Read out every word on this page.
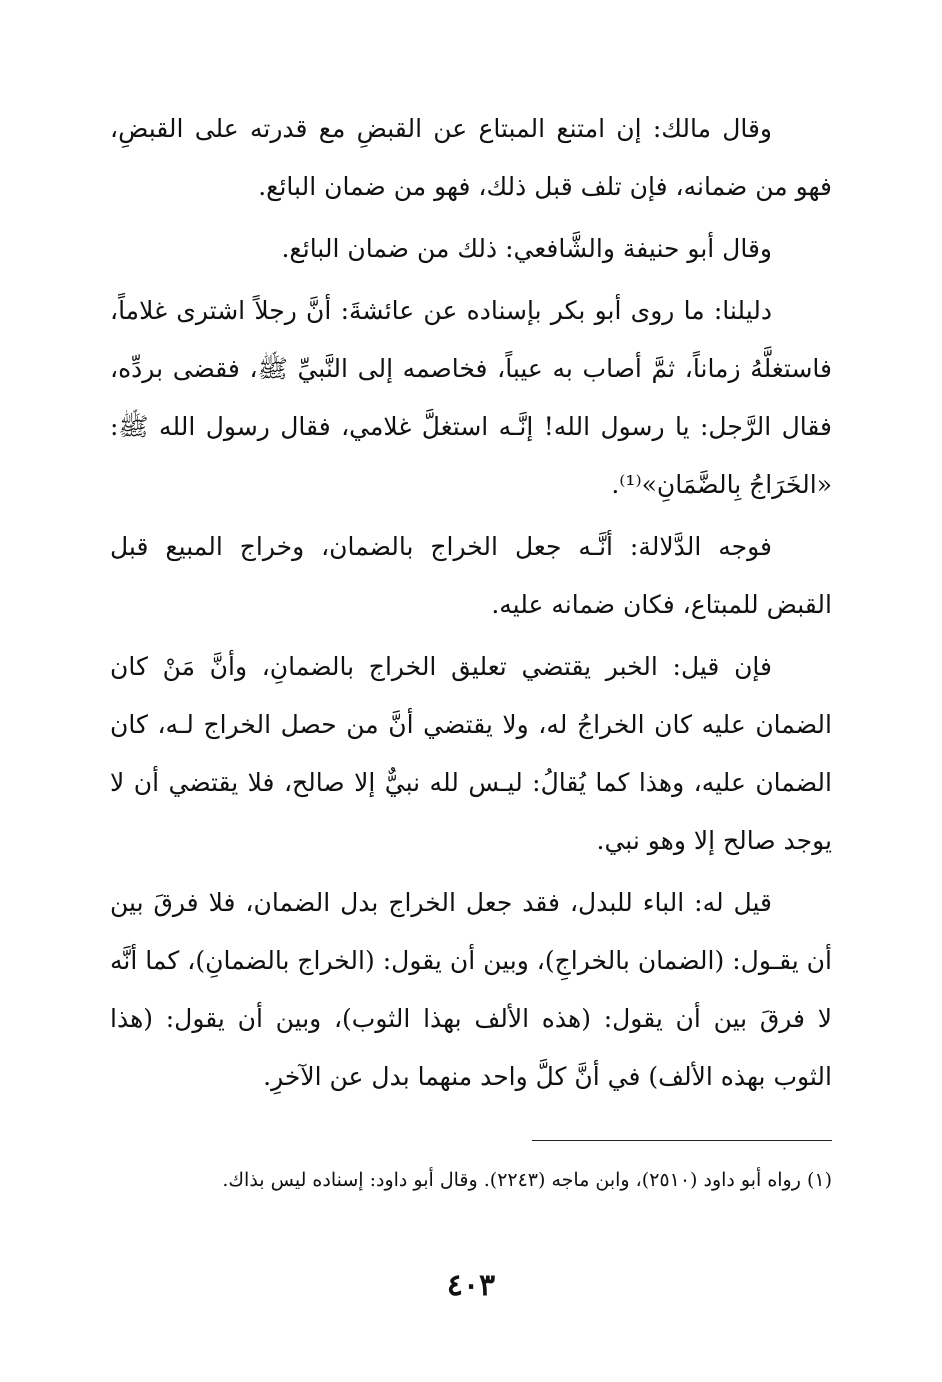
وقال مالك: إن امتنع المبتاع عن القبضِ مع قدرته على القبضِ، فهو من ضمانه، فإن تلف قبل ذلك، فهو من ضمان البائع.

وقال أبو حنيفة والشَّافعي: ذلك من ضمان البائع.

دليلنا: ما روى أبو بكر بإسناده عن عائشةَ: أنَّ رجلاً اشترى غلاماً، فاستغلَّهُ زماناً، ثمَّ أصاب به عيباً، فخاصمه إلى النَّبيِّ ﷺ، فقضى بردِّه، فقال الرَّجل: يا رسول الله! إنَّـه استغلَّ غلامي، فقال رسول الله ﷺ: «الخَرَاجُ بِالضَّمَانِ»⁽¹⁾.

فوجه الدَّلالة: أنَّـه جعل الخراج بالضمان، وخراج المبيع قبل القبض للمبتاع، فكان ضمانه عليه.

فإن قيل: الخبر يقتضي تعليق الخراج بالضمانِ، وأنَّ مَنْ كان الضمان عليه كان الخراجُ له، ولا يقتضي أنَّ من حصل الخراج لـه، كان الضمان عليه، وهذا كما يُقالُ: ليـس لله نبيٌّ إلا صالح، فلا يقتضي أن لا يوجد صالح إلا وهو نبي.

قيل له: الباء للبدل، فقد جعل الخراج بدل الضمان، فلا فرقَ بين أن يقـول: (الضمان بالخراجِ)، وبين أن يقول: (الخراج بالضمانِ)، كما أنَّه لا فرقَ بين أن يقول: (هذه الألف بهذا الثوب)، وبين أن يقول: (هذا الثوب بهذه الألف) في أنَّ كلَّ واحد منهما بدل عن الآخرِ.

(١) رواه أبو داود (٢٥١٠)، وابن ماجه (٢٢٤٣). وقال أبو داود: إسناده ليس بذاك.
٤٠٣
